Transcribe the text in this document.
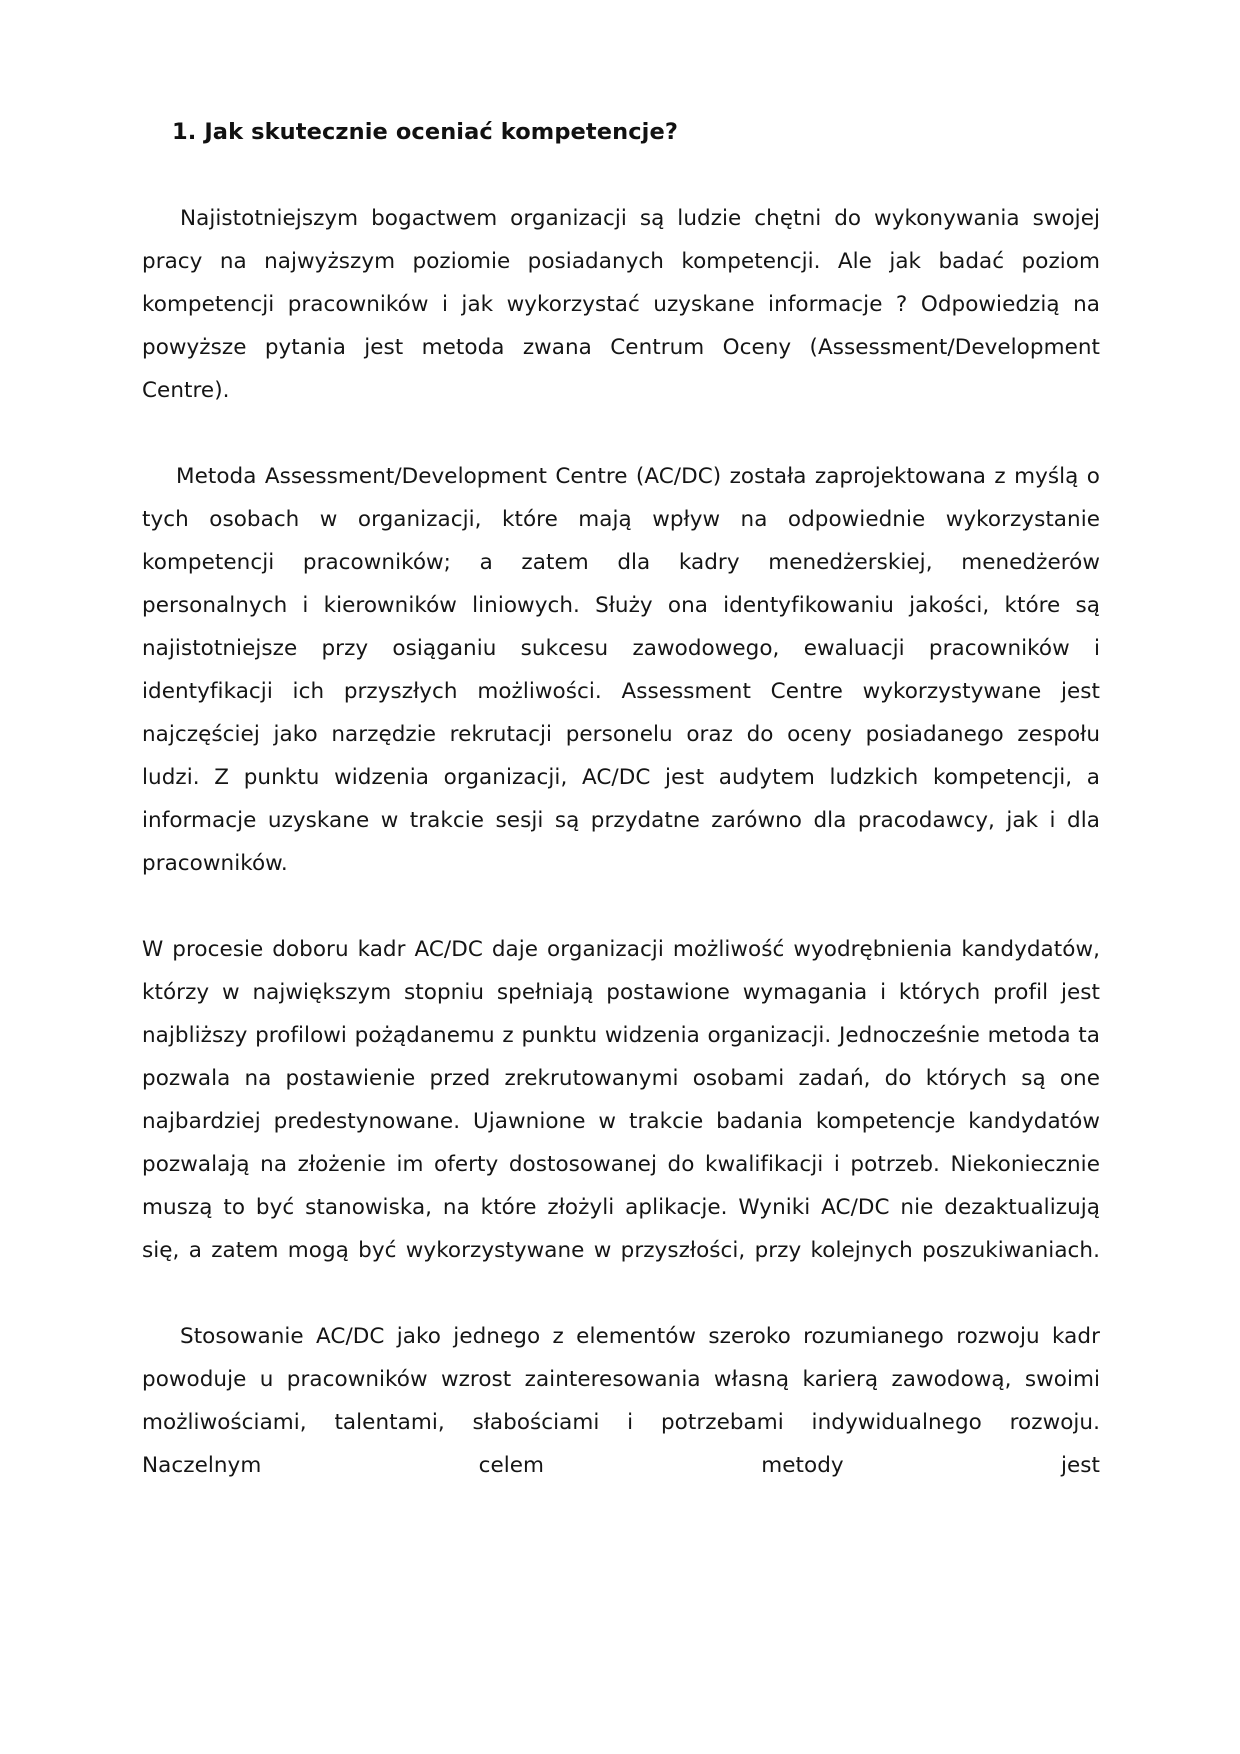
1. Jak skutecznie oceniać kompetencje?

Najistotniejszym bogactwem organizacji są ludzie chętni do wykonywania swojej pracy na najwyższym poziomie posiadanych kompetencji. Ale jak badać poziom kompetencji pracowników i jak wykorzystać uzyskane informacje ? Odpowiedzią na powyższe pytania jest metoda zwana Centrum Oceny (Assessment/Development Centre).

Metoda Assessment/Development Centre (AC/DC) została zaprojektowana z myślą o tych osobach w organizacji, które mają wpływ na odpowiednie wykorzystanie kompetencji pracowników; a zatem dla kadry menedżerskiej, menedżerów personalnych i kierowników liniowych. Służy ona identyfikowaniu jakości, które są najistotniejsze przy osiąganiu sukcesu zawodowego, ewaluacji pracowników i identyfikacji ich przyszłych możliwości. Assessment Centre wykorzystywane jest najczęściej jako narzędzie rekrutacji personelu oraz do oceny posiadanego zespołu ludzi. Z punktu widzenia organizacji, AC/DC jest audytem ludzkich kompetencji, a informacje uzyskane w trakcie sesji są przydatne zarówno dla pracodawcy, jak i dla pracowników.

W procesie doboru kadr AC/DC daje organizacji możliwość wyodrębnienia kandydatów, którzy w największym stopniu spełniają postawione wymagania i których profil jest najbliższy profilowi pożądanemu z punktu widzenia organizacji. Jednocześnie metoda ta pozwala na postawienie przed zrekrutowanymi osobami zadań, do których są one najbardziej predestynowane. Ujawnione w trakcie badania kompetencje kandydatów pozwalają na złożenie im oferty dostosowanej do kwalifikacji i potrzeb. Niekoniecznie muszą to być stanowiska, na które złożyli aplikacje. Wyniki AC/DC nie dezaktualizują się, a zatem mogą być wykorzystywane w przyszłości, przy kolejnych poszukiwaniach.

Stosowanie AC/DC jako jednego z elementów szeroko rozumianego rozwoju kadr powoduje u pracowników wzrost zainteresowania własną karierą zawodową, swoimi możliwościami, talentami, słabościami i potrzebami indywidualnego rozwoju. Naczelnym celem metody jest
